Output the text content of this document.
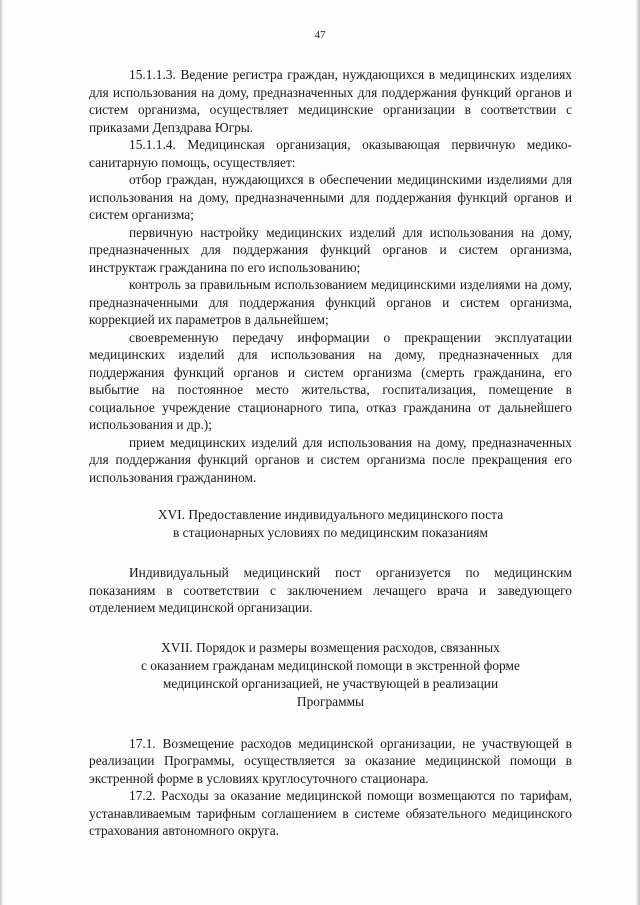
47

15.1.1.3. Ведение регистра граждан, нуждающихся в медицинских изделиях для использования на дому, предназначенных для поддержания функций органов и систем организма, осуществляет медицинские организации в соответствии с приказами Депздрава Югры.

15.1.1.4. Медицинская организация, оказывающая первичную медико-санитарную помощь, осуществляет:

отбор граждан, нуждающихся в обеспечении медицинскими изделиями для использования на дому, предназначенными для поддержания функций органов и систем организма;

первичную настройку медицинских изделий для использования на дому, предназначенных для поддержания функций органов и систем организма, инструктаж гражданина по его использованию;

контроль за правильным использованием медицинскими изделиями на дому, предназначенными для поддержания функций органов и систем организма, коррекцией их параметров в дальнейшем;

своевременную передачу информации о прекращении эксплуатации медицинских изделий для использования на дому, предназначенных для поддержания функций органов и систем организма (смерть гражданина, его выбытие на постоянное место жительства, госпитализация, помещение в социальное учреждение стационарного типа, отказ гражданина от дальнейшего использования и др.);

прием медицинских изделий для использования на дому, предназначенных для поддержания функций органов и систем организма после прекращения его использования гражданином.

XVI. Предоставление индивидуального медицинского поста
в стационарных условиях по медицинским показаниям

Индивидуальный медицинский пост организуется по медицинским показаниям в соответствии с заключением лечащего врача и заведующего отделением медицинской организации.

XVII. Порядок и размеры возмещения расходов, связанных
с оказанием гражданам медицинской помощи в экстренной форме
медицинской организацией, не участвующей в реализации
Программы

17.1. Возмещение расходов медицинской организации, не участвующей в реализации Программы, осуществляется за оказание медицинской помощи в экстренной форме в условиях круглосуточного стационара.

17.2. Расходы за оказание медицинской помощи возмещаются по тарифам, устанавливаемым тарифным соглашением в системе обязательного медицинского страхования автономного округа.
